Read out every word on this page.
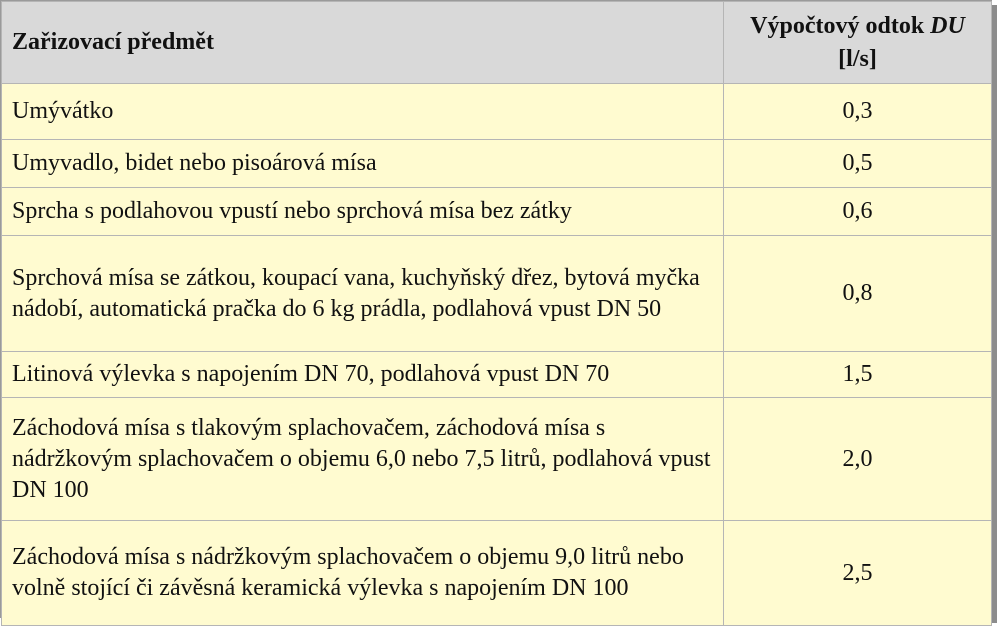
Zařizovací předmět	Výpočtový odtok DU
[l/s]
Umývátko	0,3
Umyvadlo, bidet nebo pisoárová mísa	0,5
Sprcha s podlahovou vpustí nebo sprchová mísa bez zátky	0,6
Sprchová mísa se zátkou, koupací vana, kuchyňský dřez, bytová myčka nádobí, automatická pračka do 6 kg prádla, podlahová vpust DN 50	0,8
Litinová výlevka s napojením DN 70, podlahová vpust DN 70	1,5
Záchodová mísa s tlakovým splachovačem, záchodová mísa s nádržkovým splachovačem o objemu 6,0 nebo 7,5 litrů, podlahová vpust DN 100	2,0
Záchodová mísa s nádržkovým splachovačem o objemu 9,0 litrů nebo volně stojící či závěsná keramická výlevka s napojením DN 100	2,5
